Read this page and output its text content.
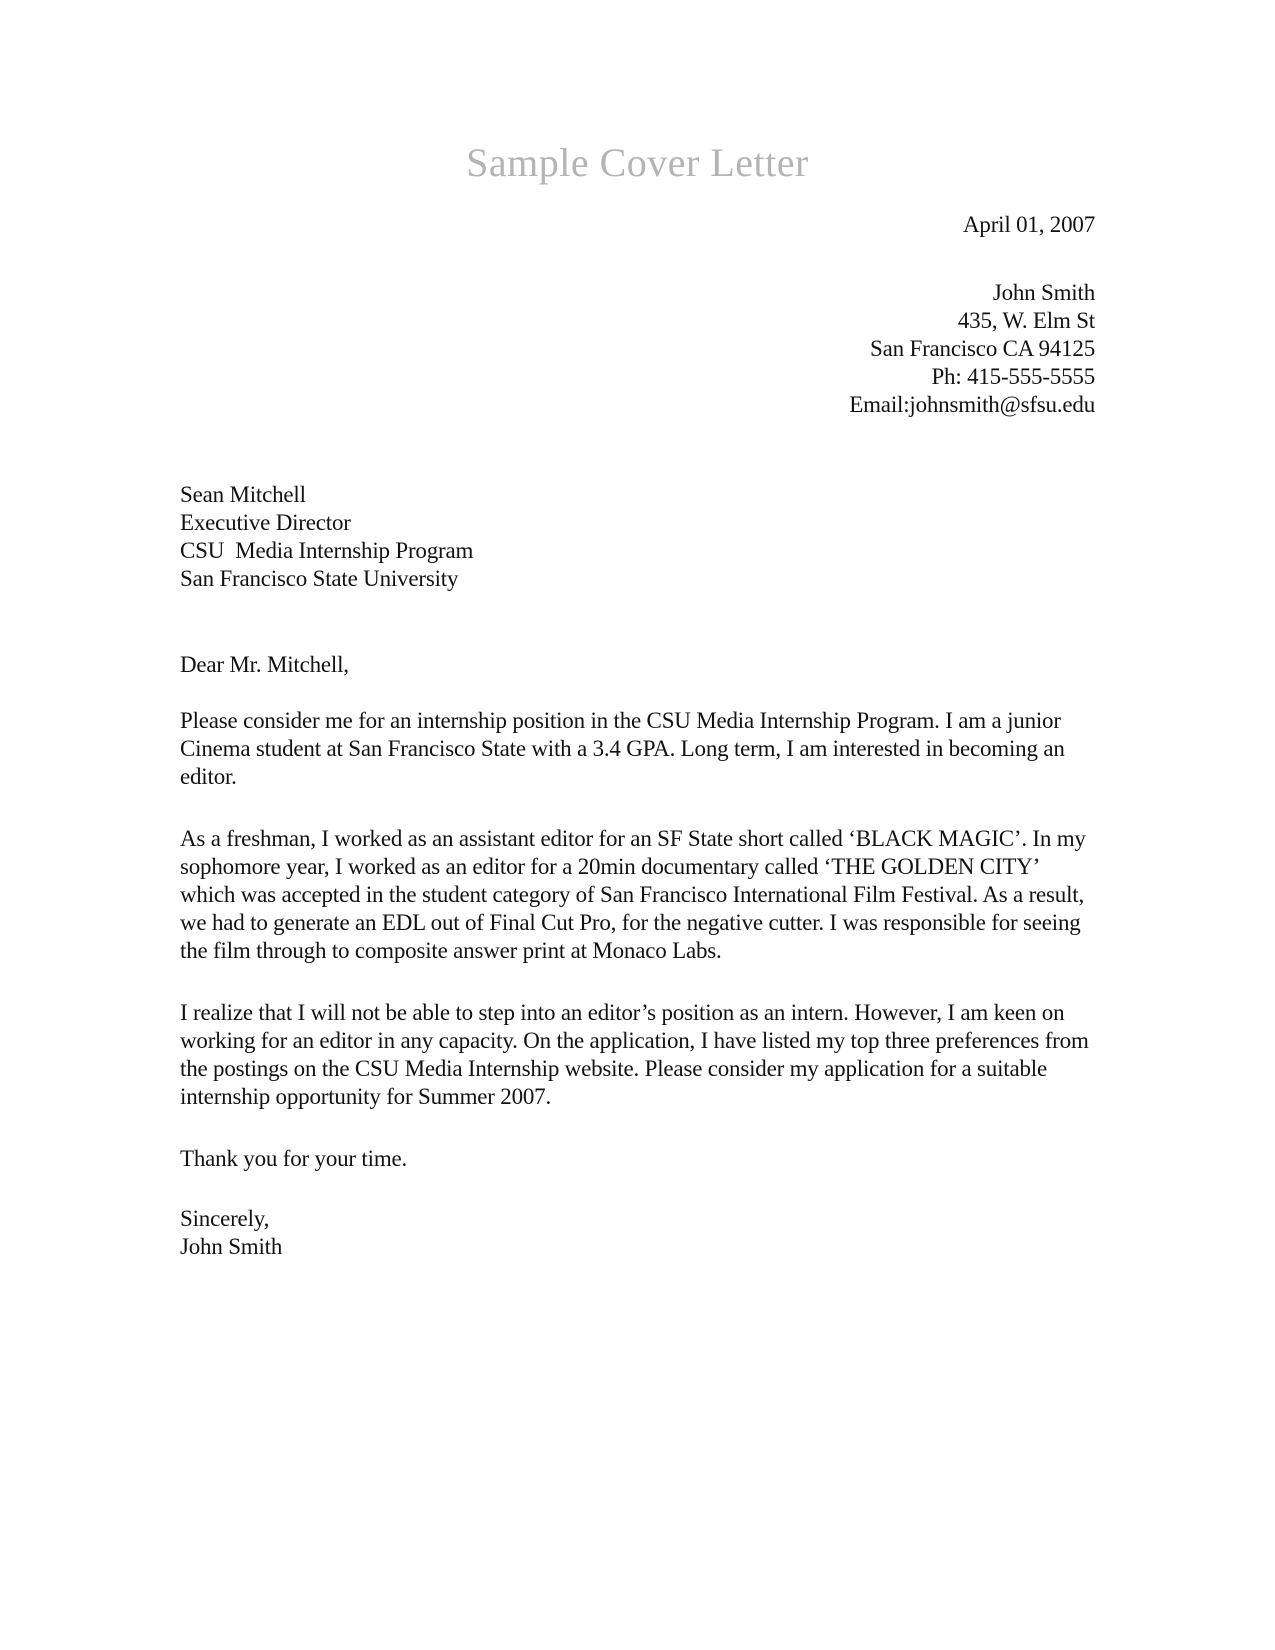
Sample Cover Letter
April 01, 2007
John Smith
435, W. Elm St
San Francisco CA 94125
Ph: 415-555-5555
Email:johnsmith@sfsu.edu
Sean Mitchell
Executive Director
CSU  Media Internship Program
San Francisco State University
Dear Mr. Mitchell,

Please consider me for an internship position in the CSU Media Internship Program. I am a junior Cinema student at San Francisco State with a 3.4 GPA. Long term, I am interested in becoming an editor.

As a freshman, I worked as an assistant editor for an SF State short called ‘BLACK MAGIC’. In my sophomore year, I worked as an editor for a 20min documentary called ‘THE GOLDEN CITY’ which was accepted in the student category of San Francisco International Film Festival. As a result, we had to generate an EDL out of Final Cut Pro, for the negative cutter. I was responsible for seeing the film through to composite answer print at Monaco Labs.

I realize that I will not be able to step into an editor’s position as an intern. However, I am keen on working for an editor in any capacity. On the application, I have listed my top three preferences from the postings on the CSU Media Internship website. Please consider my application for a suitable internship opportunity for Summer 2007.

Thank you for your time.
Sincerely,
John Smith
